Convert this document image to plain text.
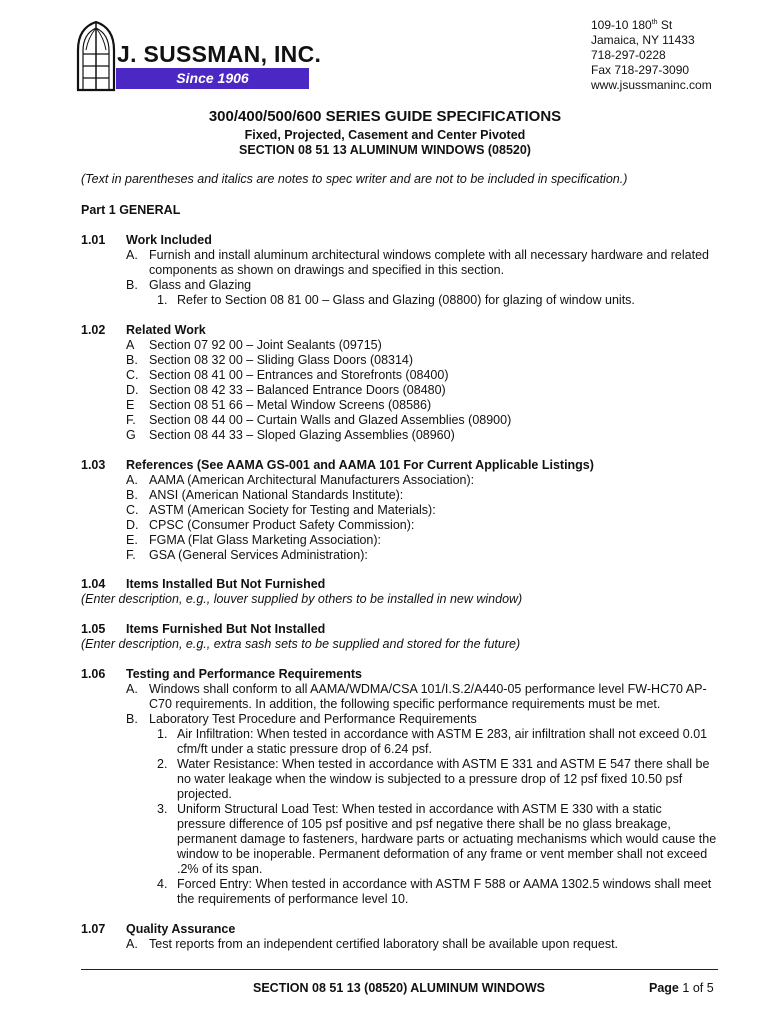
J. SUSSMAN, INC.
Since 1906
109-10 180th St
Jamaica, NY 11433
718-297-0228
Fax 718-297-3090
www.jsussmaninc.com
300/400/500/600 SERIES GUIDE SPECIFICATIONS
Fixed, Projected, Casement and Center Pivoted
SECTION 08 51 13 ALUMINUM WINDOWS (08520)
(Text in parentheses and italics are notes to spec writer and are not to be included in specification.)
Part 1 GENERAL
1.01 Work Included
A. Furnish and install aluminum architectural windows complete with all necessary hardware and related
components as shown on drawings and specified in this section.
B. Glass and Glazing
1. Refer to Section 08 81 00 – Glass and Glazing (08800) for glazing of window units.
1.02 Related Work
A Section 07 92 00 – Joint Sealants (09715)
B. Section 08 32 00 – Sliding Glass Doors (08314)
C. Section 08 41 00 – Entrances and Storefronts (08400)
D. Section 08 42 33 – Balanced Entrance Doors (08480)
E Section 08 51 66 – Metal Window Screens (08586)
F. Section 08 44 00 – Curtain Walls and Glazed Assemblies (08900)
G Section 08 44 33 – Sloped Glazing Assemblies (08960)
1.03 References (See AAMA GS-001 and AAMA 101 For Current Applicable Listings)
A. AAMA (American Architectural Manufacturers Association):
B. ANSI (American National Standards Institute):
C. ASTM (American Society for Testing and Materials):
D. CPSC (Consumer Product Safety Commission):
E. FGMA (Flat Glass Marketing Association):
F. GSA (General Services Administration):
1.04 Items Installed But Not Furnished
(Enter description, e.g., louver supplied by others to be installed in new window)
1.05 Items Furnished But Not Installed
(Enter description, e.g., extra sash sets to be supplied and stored for the future)
1.06 Testing and Performance Requirements
A. Windows shall conform to all AAMA/WDMA/CSA 101/I.S.2/A440-05 performance level FW-HC70 AP-
C70 requirements. In addition, the following specific performance requirements must be met.
B. Laboratory Test Procedure and Performance Requirements
1. Air Infiltration: When tested in accordance with ASTM E 283, air infiltration shall not exceed 0.01
cfm/ft under a static pressure drop of 6.24 psf.
2. Water Resistance: When tested in accordance with ASTM E 331 and ASTM E 547 there shall be
no water leakage when the window is subjected to a pressure drop of 12 psf fixed 10.50 psf
projected.
3. Uniform Structural Load Test: When tested in accordance with ASTM E 330 with a static
pressure difference of 105 psf positive and psf negative there shall be no glass breakage,
permanent damage to fasteners, hardware parts or actuating mechanisms which would cause the
window to be inoperable. Permanent deformation of any frame or vent member shall not exceed
.2% of its span.
4. Forced Entry: When tested in accordance with ASTM F 588 or AAMA 1302.5 windows shall meet
the requirements of performance level 10.
1.07 Quality Assurance
A. Test reports from an independent certified laboratory shall be available upon request.
SECTION 08 51 13 (08520) ALUMINUM WINDOWS	Page 1 of 5
